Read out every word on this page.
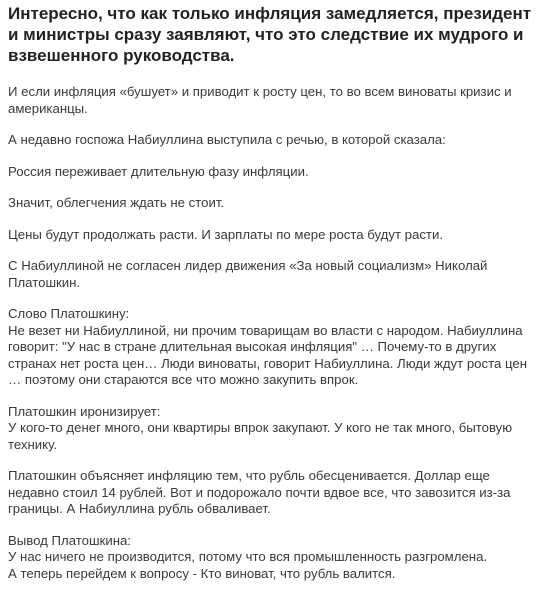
Интересно, что как только инфляция замедляется, президент и министры сразу заявляют, что это следствие их мудрого и взвешенного руководства.

И если инфляция «бушует» и приводит к росту цен, то во всем виноваты кризис и американцы.

А недавно госпожа Набиуллина выступила с речью, в которой сказала:

Россия переживает длительную фазу инфляции.

Значит, облегчения ждать не стоит.

Цены будут продолжать расти. И зарплаты по мере роста будут расти.

С Набиуллиной не согласен лидер движения «За новый социализм» Николай Платошкин.

Слово Платошкину:
Не везет ни Набиуллиной, ни прочим товарищам во власти с народом. Набиуллина говорит: "У нас в стране длительная высокая инфляция" … Почему-то в других странах нет роста цен… Люди виноваты, говорит Набиуллина. Люди ждут роста цен … поэтому они стараются все что можно закупить впрок.

Платошкин иронизирует:
У кого-то денег много, они квартиры впрок закупают. У кого не так много, бытовую технику.

Платошкин объясняет инфляцию тем, что рубль обесценивается. Доллар еще недавно стоил 14 рублей. Вот и подорожало почти вдвое все, что завозится из-за границы. А Набиуллина рубль обваливает.

Вывод Платошкина:
У нас ничего не производится, потому что вся промышленность разгромлена.
А теперь перейдем к вопросу - Кто виноват, что рубль валится.
